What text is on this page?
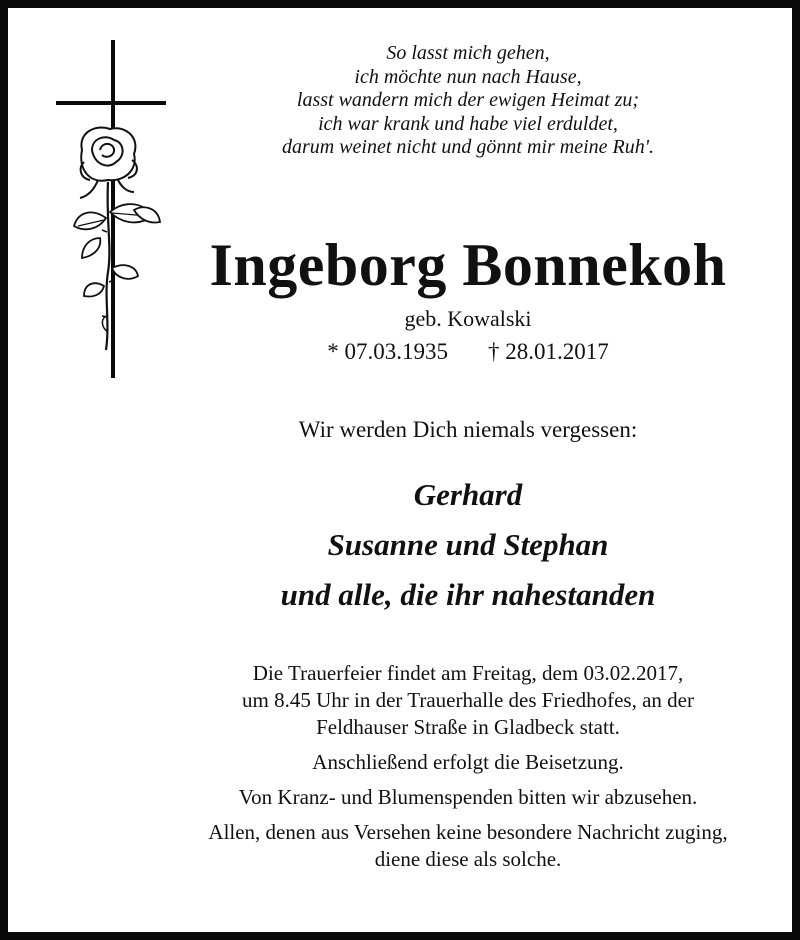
So lasst mich gehen,
ich möchte nun nach Hause,
lasst wandern mich der ewigen Heimat zu;
ich war krank und habe viel erduldet,
darum weinet nicht und gönnt mir meine Ruh'.
Ingeborg Bonnekoh
geb. Kowalski
* 07.03.1935 † 28.01.2017
Wir werden Dich niemals vergessen:
Gerhard
Susanne und Stephan
und alle, die ihr nahestanden
Die Trauerfeier findet am Freitag, dem 03.02.2017,
um 8.45 Uhr in der Trauerhalle des Friedhofes, an der
Feldhauser Straße in Gladbeck statt.
Anschließend erfolgt die Beisetzung.
Von Kranz- und Blumenspenden bitten wir abzusehen.
Allen, denen aus Versehen keine besondere Nachricht zuging,
diene diese als solche.
